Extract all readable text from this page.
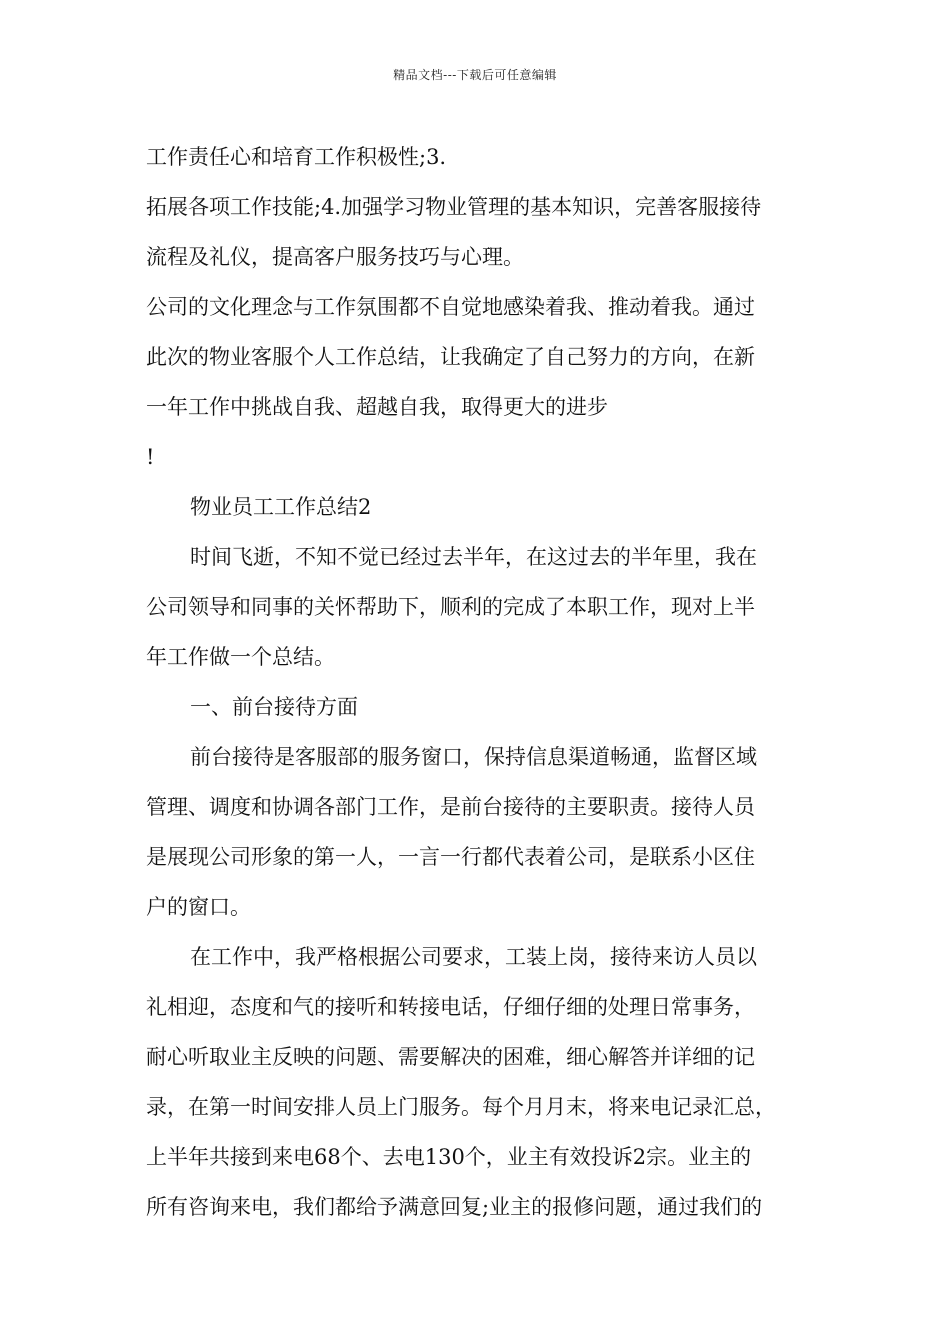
精品文档---下载后可任意编辑
工作责任心和培育工作积极性;3.
拓展各项工作技能;4.加强学习物业管理的基本知识，完善客服接待
流程及礼仪，提高客户服务技巧与心理。
公司的文化理念与工作氛围都不自觉地感染着我、推动着我。通过
此次的物业客服个人工作总结，让我确定了自己努力的方向，在新
一年工作中挑战自我、超越自我，取得更大的进步
!
物业员工工作总结2
时间飞逝，不知不觉已经过去半年，在这过去的半年里，我在
公司领导和同事的关怀帮助下，顺利的完成了本职工作，现对上半
年工作做一个总结。
一、前台接待方面
前台接待是客服部的服务窗口，保持信息渠道畅通，监督区域
管理、调度和协调各部门工作，是前台接待的主要职责。接待人员
是展现公司形象的第一人，一言一行都代表着公司，是联系小区住
户的窗口。
在工作中，我严格根据公司要求，工装上岗，接待来访人员以
礼相迎，态度和气的接听和转接电话，仔细仔细的处理日常事务，
耐心听取业主反映的问题、需要解决的困难，细心解答并详细的记
录，在第一时间安排人员上门服务。每个月月末，将来电记录汇总，
上半年共接到来电68个、去电130个，业主有效投诉2宗。业主的
所有咨询来电，我们都给予满意回复;业主的报修问题，通过我们的
